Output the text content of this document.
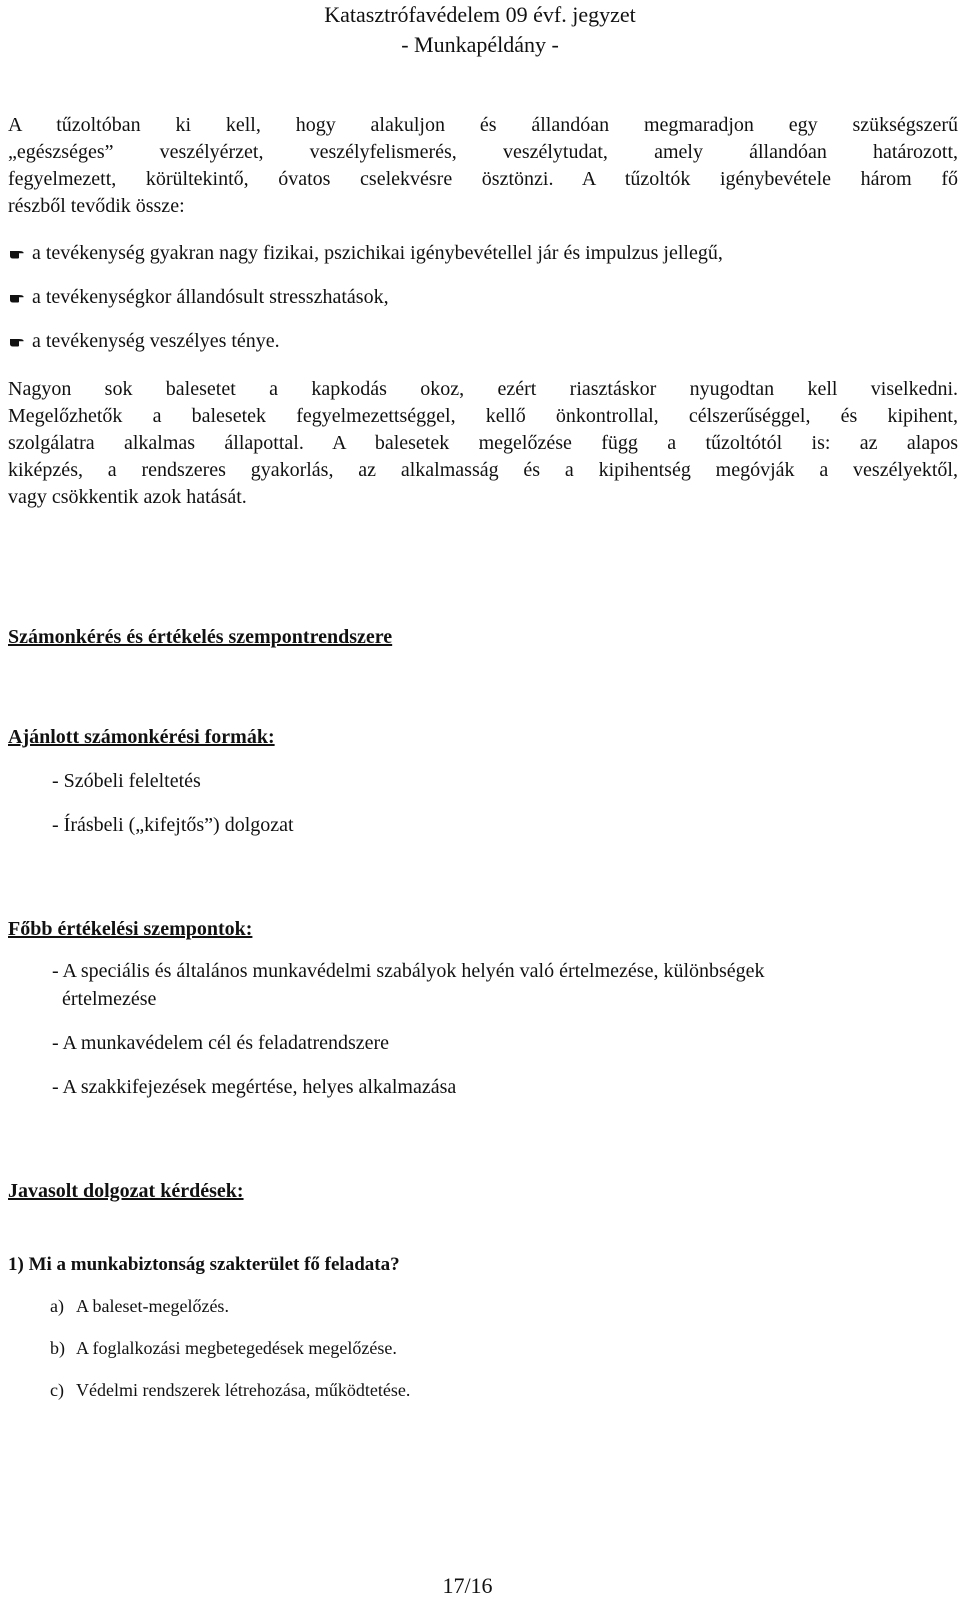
Katasztrófavédelem 09 évf. jegyzet
- Munkapéldány -
A tűzoltóban ki kell, hogy alakuljon és állandóan megmaradjon egy szükségszerű
„egészséges” veszélyérzet, veszélyfelismerés, veszélytudat, amely állandóan határozott,
fegyelmezett, körültekintő, óvatos cselekvésre ösztönzi. A tűzoltók igénybevétele három fő
részből tevődik össze:
a tevékenység gyakran nagy fizikai, pszichikai igénybevétellel jár és impulzus jellegű,
a tevékenységkor állandósult stresszhatások,
a tevékenység veszélyes ténye.
Nagyon sok balesetet a kapkodás okoz, ezért riasztáskor nyugodtan kell viselkedni.
Megelőzhetők a balesetek fegyelmezettséggel, kellő önkontrollal, célszerűséggel, és kipihent,
szolgálatra alkalmas állapottal. A balesetek megelőzése függ a tűzoltótól is: az alapos
kiképzés, a rendszeres gyakorlás, az alkalmasság és a kipihentség megóvják a veszélyektől,
vagy csökkentik azok hatását.
Számonkérés és értékelés szempontrendszere
Ajánlott számonkérési formák:
- Szóbeli feleltetés
- Írásbeli („kifejtős”) dolgozat
Főbb értékelési szempontok:
- A speciális és általános munkavédelmi szabályok helyén való értelmezése, különbségek
értelmezése
- A munkavédelem cél és feladatrendszere
- A szakkifejezések megértése, helyes alkalmazása
Javasolt dolgozat kérdések:
1) Mi a munkabiztonság szakterület fő feladata?
a) A baleset-megelőzés.
b) A foglalkozási megbetegedések megelőzése.
c) Védelmi rendszerek létrehozása, működtetése.
17/16
